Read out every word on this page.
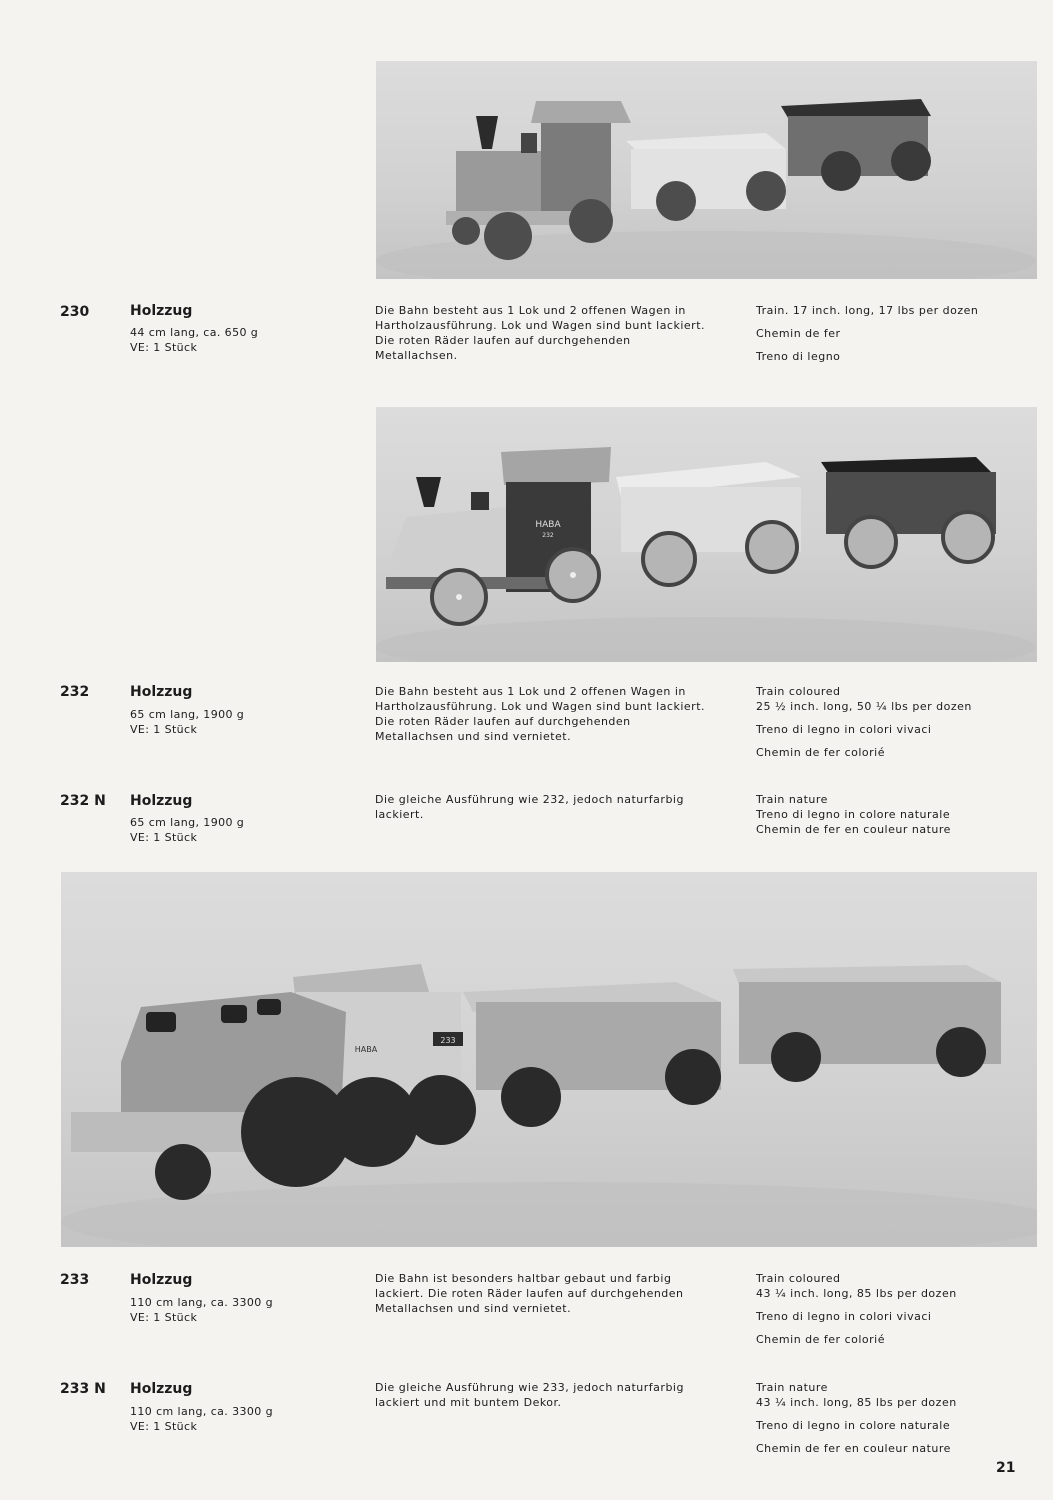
230	Holzzug
44 cm lang, ca. 650 g
VE: 1 Stück
Die Bahn besteht aus 1 Lok und 2 offenen Wagen in Hartholzausführung. Lok und Wagen sind bunt lackiert. Die roten Räder laufen auf durchgehenden Metallachsen.
Train. 17 inch. long, 17 lbs per dozen
Chemin de fer
Treno di legno
HABA
232
232	Holzzug
65 cm lang, 1900 g
VE: 1 Stück
Die Bahn besteht aus 1 Lok und 2 offenen Wagen in Hartholzausführung. Lok und Wagen sind bunt lackiert. Die roten Räder laufen auf durchgehenden Metallachsen und sind vernietet.
Train coloured
25 ½ inch. long, 50 ¼ lbs per dozen
Treno di legno in colori vivaci
Chemin de fer colorié
232 N Holzzug
65 cm lang, 1900 g
VE: 1 Stück
Die gleiche Ausführung wie 232, jedoch naturfarbig lackiert.
Train nature
Treno di legno in colore naturale
Chemin de fer en couleur nature
HABA
233
233	Holzzug
110 cm lang, ca. 3300 g
VE: 1 Stück
Die Bahn ist besonders haltbar gebaut und farbig lackiert. Die roten Räder laufen auf durchgehenden Metallachsen und sind vernietet.
Train coloured
43 ¼ inch. long, 85 lbs per dozen
Treno di legno in colori vivaci
Chemin de fer colorié
233 N Holzzug
110 cm lang, ca. 3300 g
VE: 1 Stück
Die gleiche Ausführung wie 233, jedoch naturfarbig lackiert und mit buntem Dekor.
Train nature
43 ¼ inch. long, 85 lbs per dozen
Treno di legno in colore naturale
Chemin de fer en couleur nature
21
